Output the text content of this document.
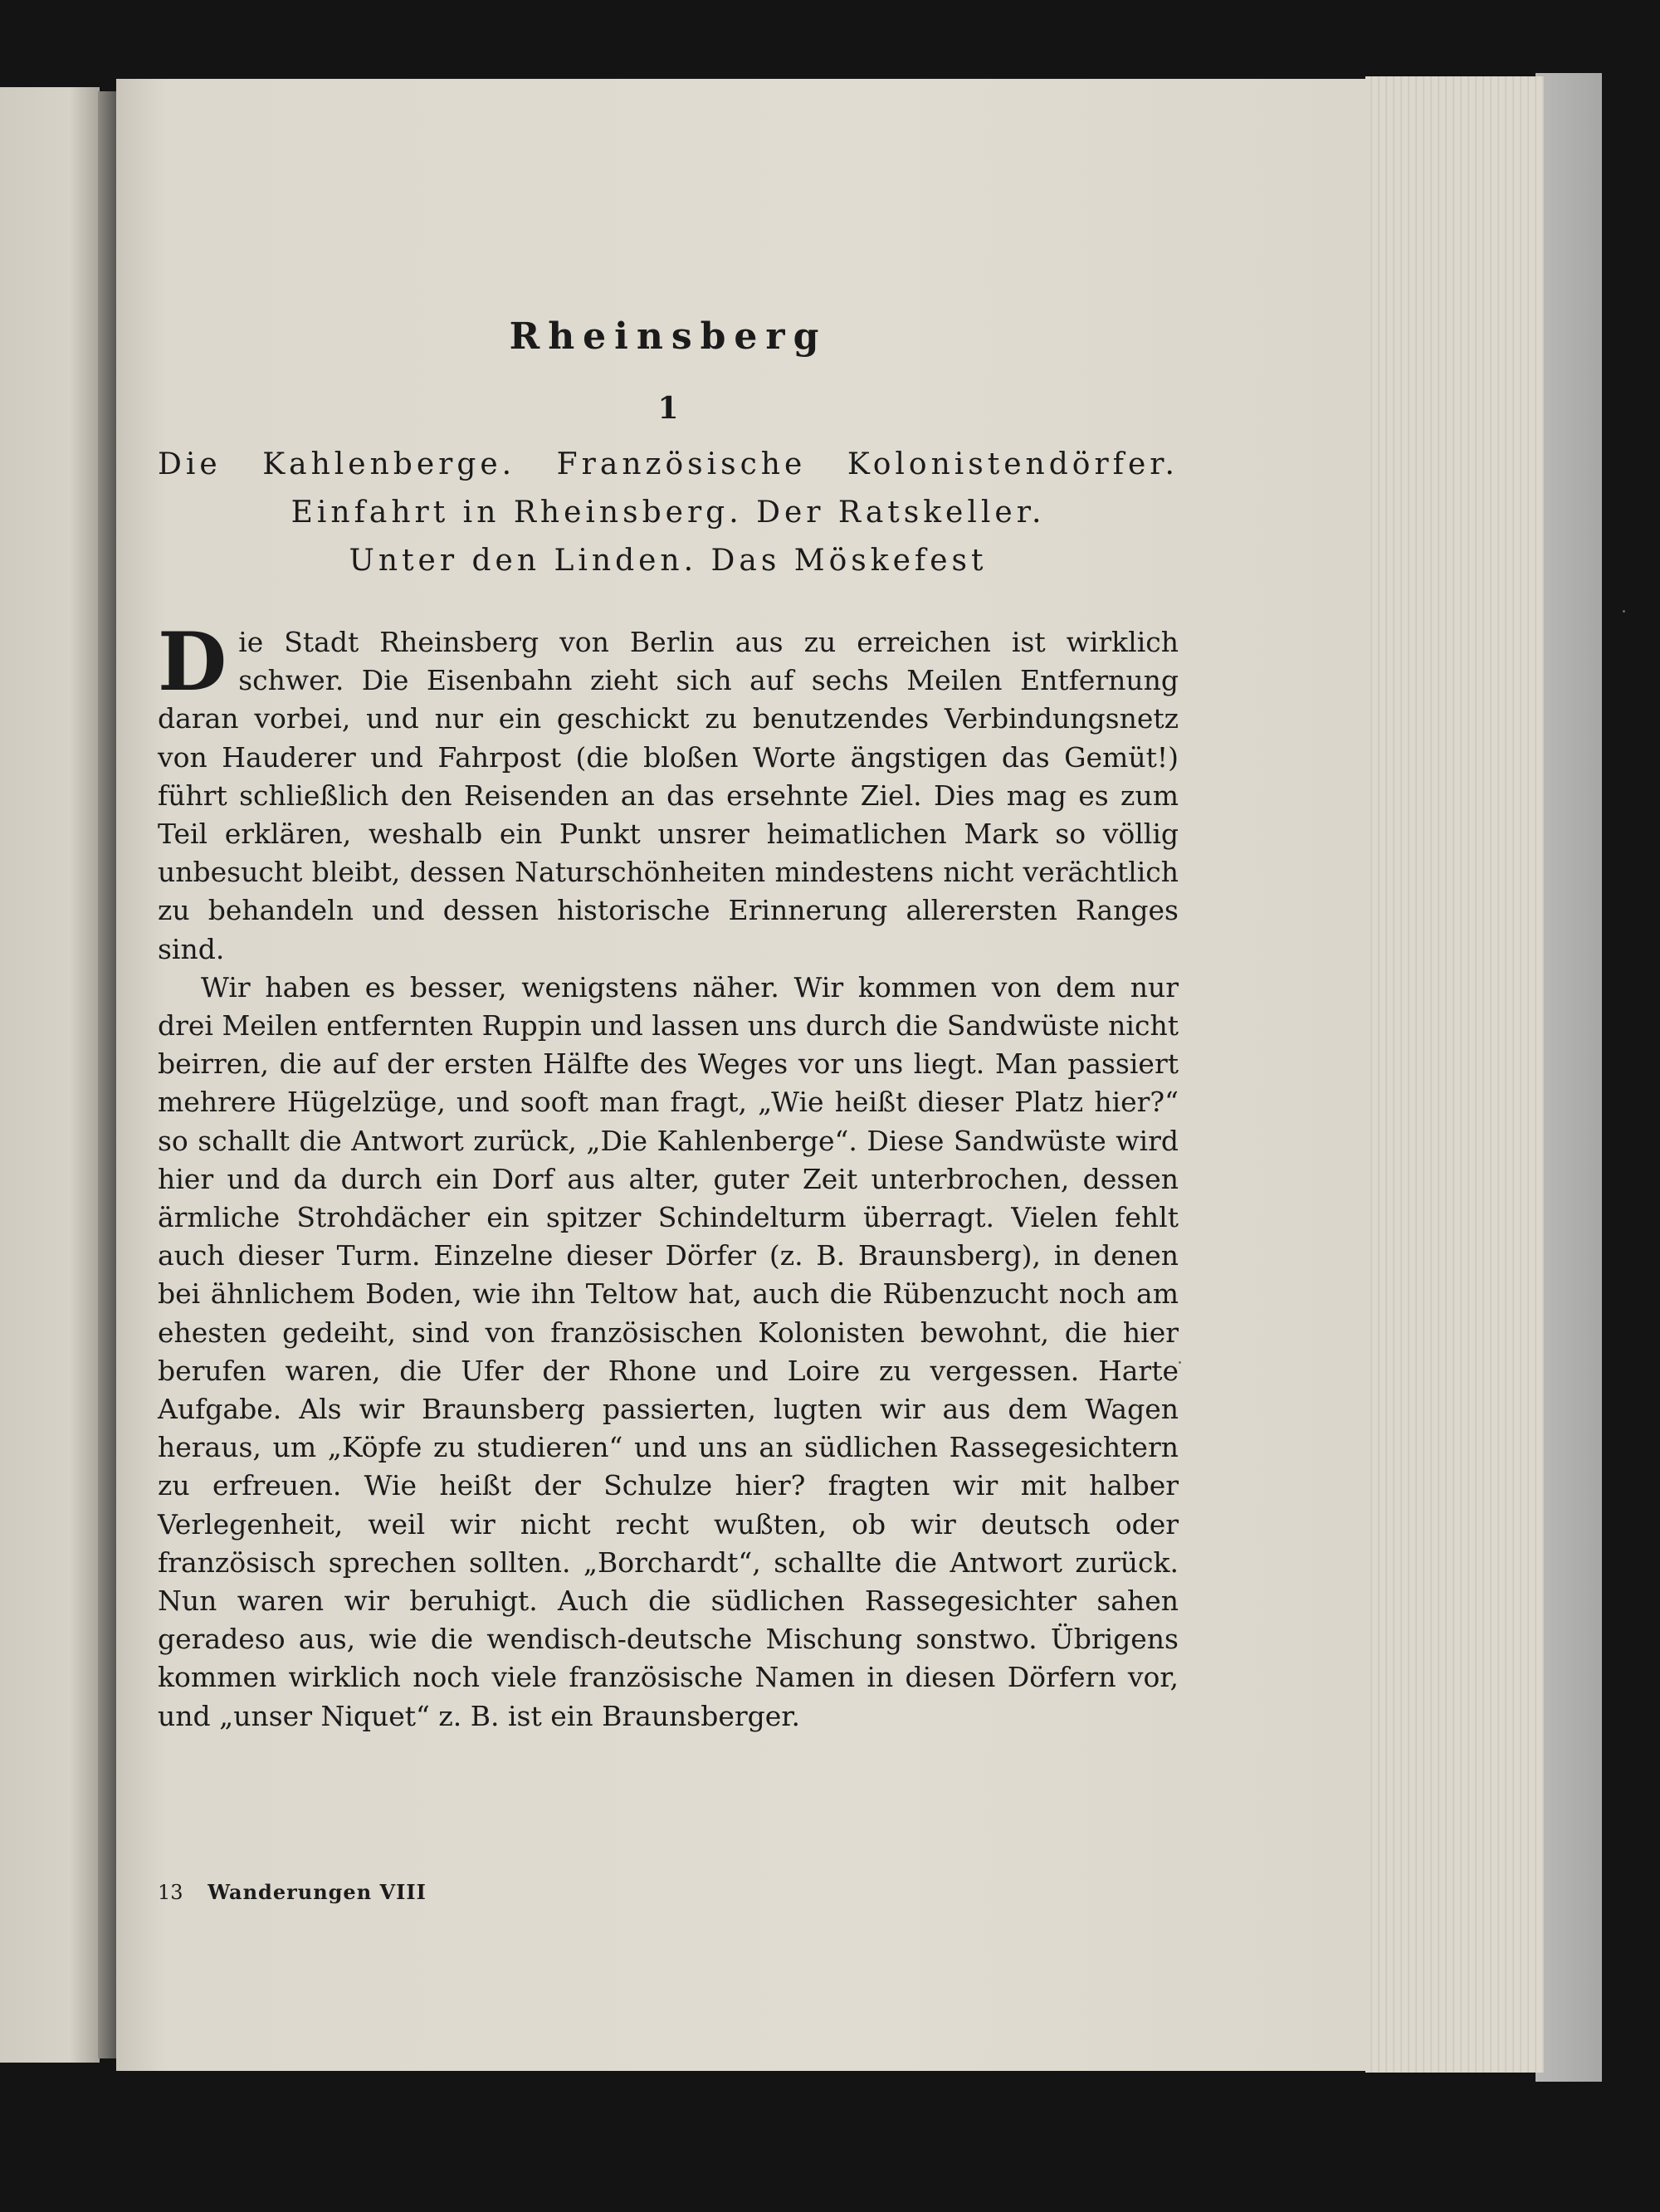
Rheinsberg
1
Die Kahlenberge. Französische Kolonistendörfer.
Einfahrt in Rheinsberg. Der Ratskeller.
Unter den Linden. Das Möskefest

Die Stadt Rheinsberg von Berlin aus zu erreichen ist wirklich schwer. Die Eisenbahn zieht sich auf sechs Meilen Entfernung daran vorbei, und nur ein geschickt zu benutzendes Verbindungsnetz von Hauderer und Fahrpost (die bloßen Worte ängstigen das Gemüt!) führt schließlich den Reisenden an das ersehnte Ziel. Dies mag es zum Teil erklären, weshalb ein Punkt unsrer heimatlichen Mark so völlig unbesucht bleibt, dessen Naturschönheiten mindestens nicht verächtlich zu behandeln und dessen historische Erinnerung allerersten Ranges sind.

Wir haben es besser, wenigstens näher. Wir kommen von dem nur drei Meilen entfernten Ruppin und lassen uns durch die Sandwüste nicht beirren, die auf der ersten Hälfte des Weges vor uns liegt. Man passiert mehrere Hügelzüge, und sooft man fragt, „Wie heißt dieser Platz hier?“ so schallt die Antwort zurück, „Die Kahlenberge“. Diese Sandwüste wird hier und da durch ein Dorf aus alter, guter Zeit unterbrochen, dessen ärmliche Strohdächer ein spitzer Schindelturm überragt. Vielen fehlt auch dieser Turm. Einzelne dieser Dörfer (z. B. Braunsberg), in denen bei ähnlichem Boden, wie ihn Teltow hat, auch die Rübenzucht noch am ehesten gedeiht, sind von französischen Kolonisten bewohnt, die hier berufen waren, die Ufer der Rhone und Loire zu vergessen. Harte Aufgabe. Als wir Braunsberg passierten, lugten wir aus dem Wagen heraus, um „Köpfe zu studieren“ und uns an südlichen Rassegesichtern zu erfreuen. Wie heißt der Schulze hier? fragten wir mit halber Verlegenheit, weil wir nicht recht wußten, ob wir deutsch oder französisch sprechen sollten. „Borchardt“, schallte die Antwort zurück. Nun waren wir beruhigt. Auch die südlichen Rassegesichter sahen geradeso aus, wie die wendisch-deutsche Mischung sonstwo. Übrigens kommen wirklich noch viele französische Namen in diesen Dörfern vor, und „unser Niquet“ z. B. ist ein Braunsberger.

13 Wanderungen VIII
